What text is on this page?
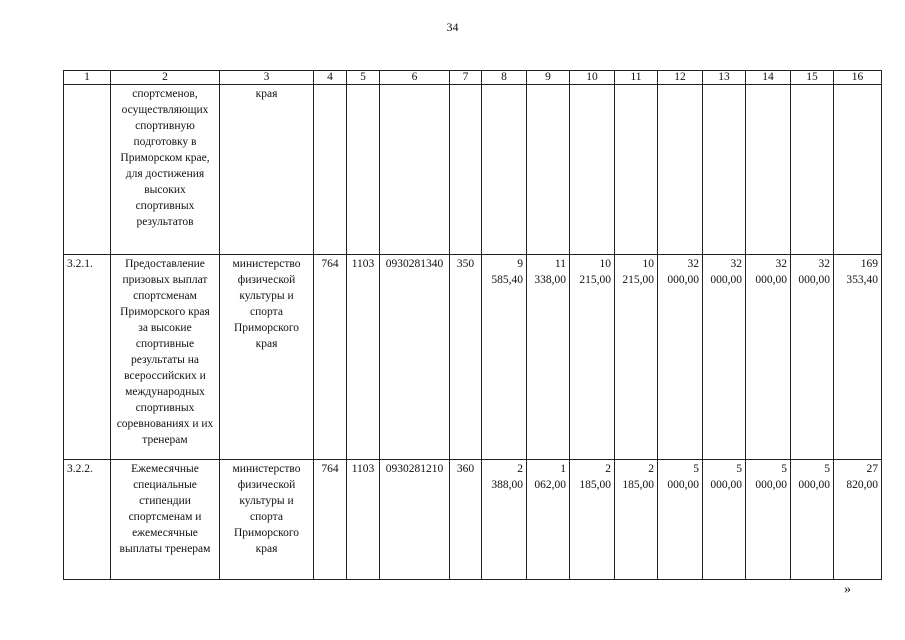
34
1	2	3	4	5	6	7	8	9	10	11	12	13	14	15	16
	спортсменов, осуществляющих спортивную подготовку в Приморском крае, для достижения высоких спортивных результатов	края													
3.2.1.	Предоставление призовых выплат спортсменам Приморского края за высокие спортивные результаты на всероссийских и международных спортивных соревнованиях и их тренерам	министерство физической культуры и спорта Приморского края	764	1103	0930281340	350	9 585,40	11 338,00	10 215,00	10 215,00	32 000,00	32 000,00	32 000,00	32 000,00	169 353,40
3.2.2.	Ежемесячные специальные стипендии спортсменам и ежемесячные выплаты тренерам	министерство физической культуры и спорта Приморского края	764	1103	0930281210	360	2 388,00	1 062,00	2 185,00	2 185,00	5 000,00	5 000,00	5 000,00	5 000,00	27 820,00
»
